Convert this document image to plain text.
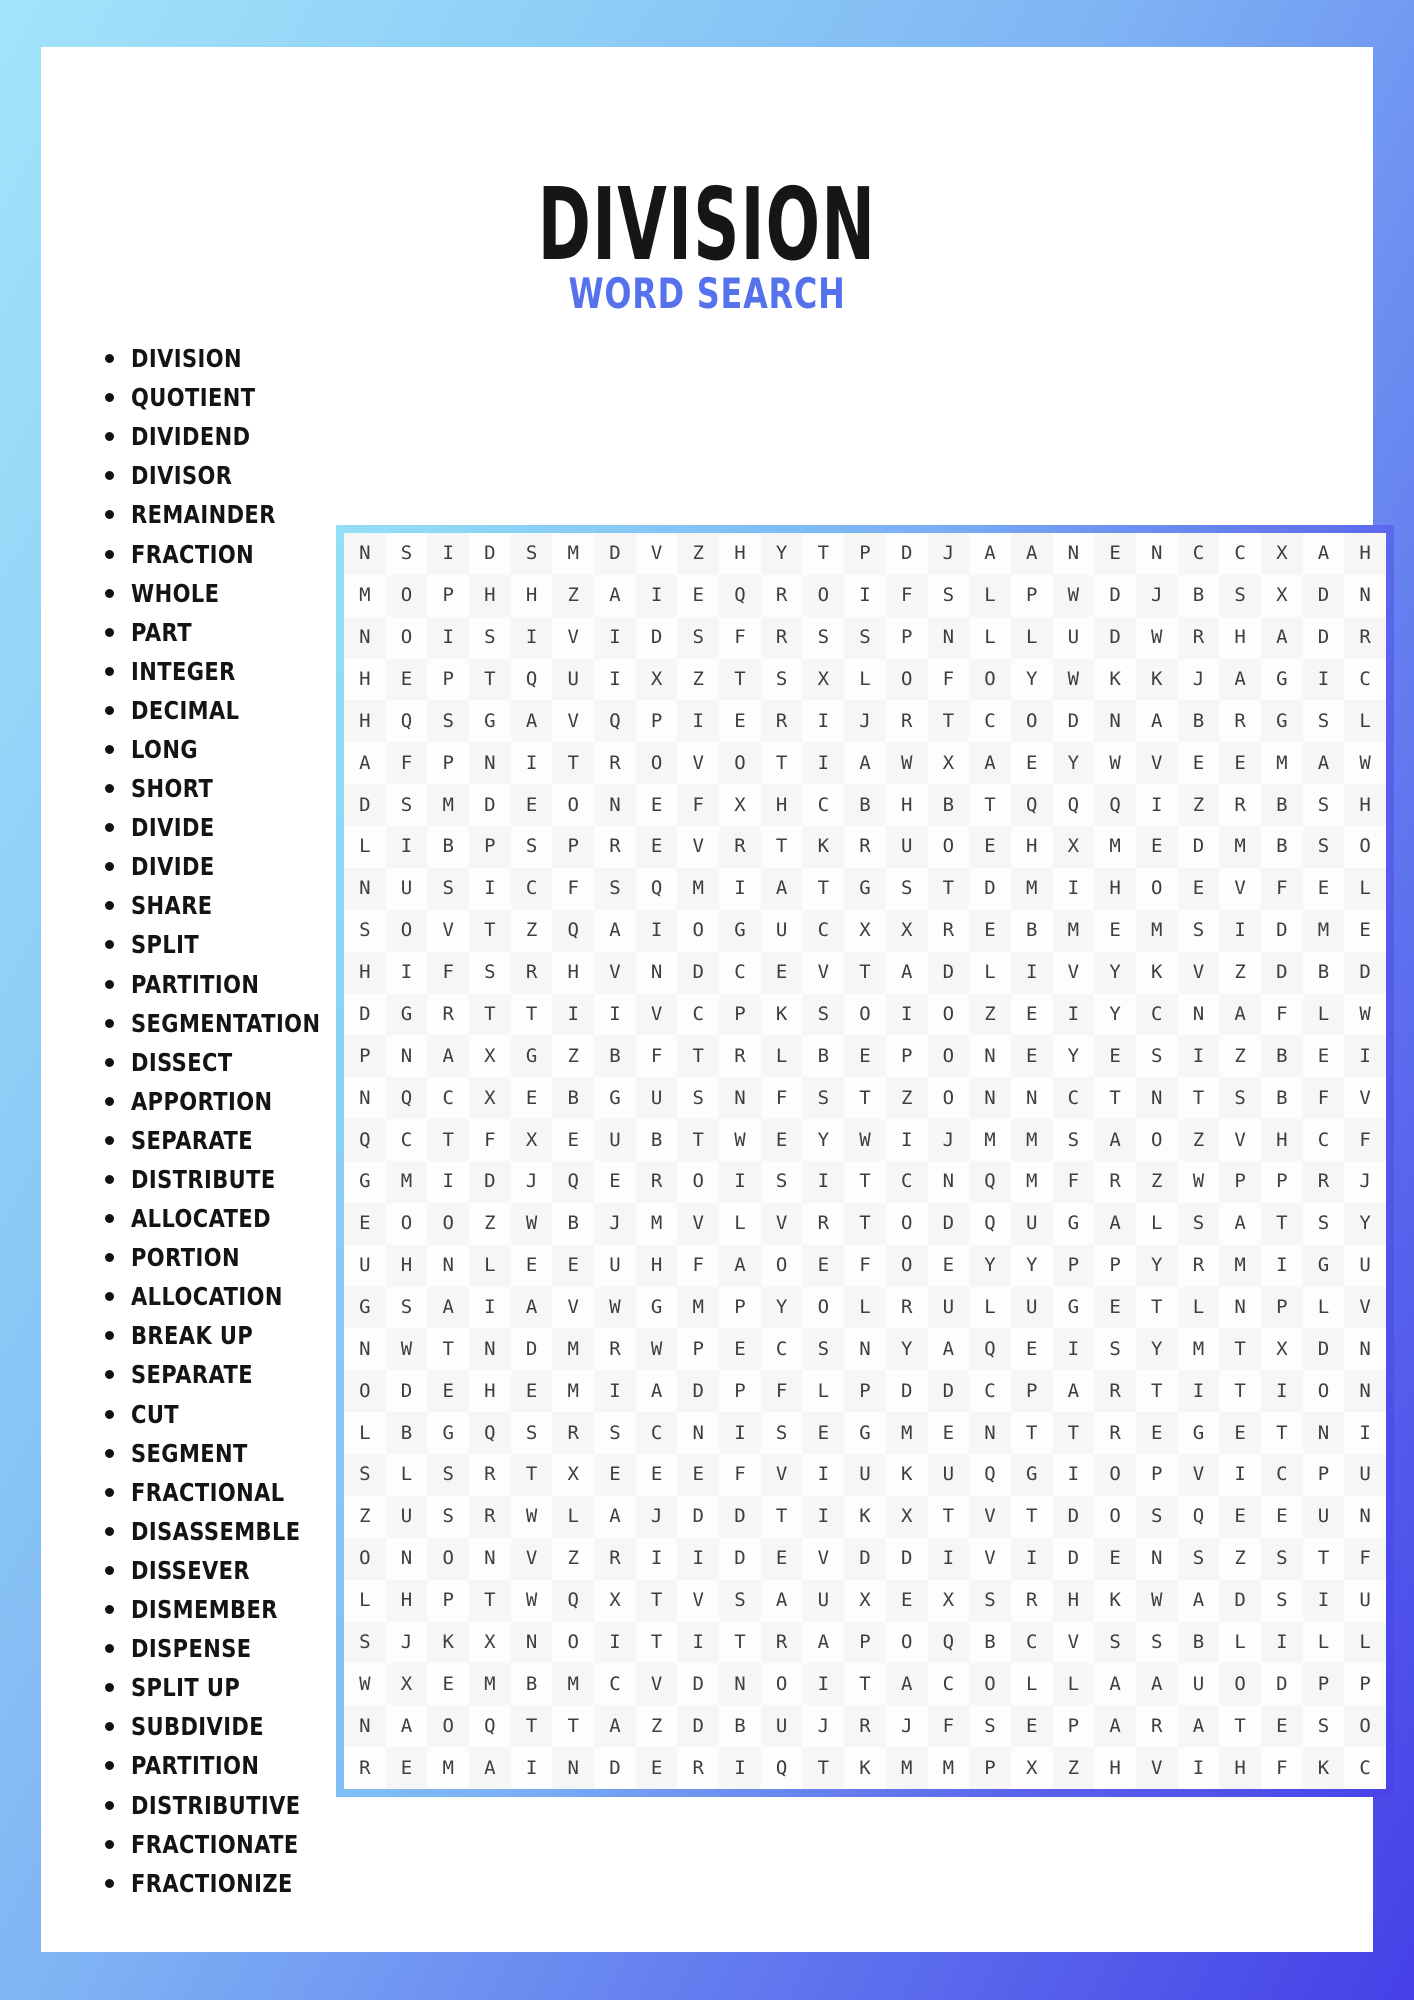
DIVISION
WORD SEARCH
DIVISION
QUOTIENT
DIVIDEND
DIVISOR
REMAINDER
FRACTION
WHOLE
PART
INTEGER
DECIMAL
LONG
SHORT
DIVIDE
DIVIDE
SHARE
SPLIT
PARTITION
SEGMENTATION
DISSECT
APPORTION
SEPARATE
DISTRIBUTE
ALLOCATED
PORTION
ALLOCATION
BREAK UP
SEPARATE
CUT
SEGMENT
FRACTIONAL
DISASSEMBLE
DISSEVER
DISMEMBER
DISPENSE
SPLIT UP
SUBDIVIDE
PARTITION
DISTRIBUTIVE
FRACTIONATE
FRACTIONIZE
N	S	I	D	S	M	D	V	Z	H	Y	T	P	D	J	A	A	N	E	N	C	C	X	A	H
M	O	P	H	H	Z	A	I	E	Q	R	O	I	F	S	L	P	W	D	J	B	S	X	D	N
N	O	I	S	I	V	I	D	S	F	R	S	S	P	N	L	L	U	D	W	R	H	A	D	R
H	E	P	T	Q	U	I	X	Z	T	S	X	L	O	F	O	Y	W	K	K	J	A	G	I	C
H	Q	S	G	A	V	Q	P	I	E	R	I	J	R	T	C	O	D	N	A	B	R	G	S	L
A	F	P	N	I	T	R	O	V	O	T	I	A	W	X	A	E	Y	W	V	E	E	M	A	W
D	S	M	D	E	O	N	E	F	X	H	C	B	H	B	T	Q	Q	Q	I	Z	R	B	S	H
L	I	B	P	S	P	R	E	V	R	T	K	R	U	O	E	H	X	M	E	D	M	B	S	O
N	U	S	I	C	F	S	Q	M	I	A	T	G	S	T	D	M	I	H	O	E	V	F	E	L
S	O	V	T	Z	Q	A	I	O	G	U	C	X	X	R	E	B	M	E	M	S	I	D	M	E
H	I	F	S	R	H	V	N	D	C	E	V	T	A	D	L	I	V	Y	K	V	Z	D	B	D
D	G	R	T	T	I	I	V	C	P	K	S	O	I	O	Z	E	I	Y	C	N	A	F	L	W
P	N	A	X	G	Z	B	F	T	R	L	B	E	P	O	N	E	Y	E	S	I	Z	B	E	I
N	Q	C	X	E	B	G	U	S	N	F	S	T	Z	O	N	N	C	T	N	T	S	B	F	V
Q	C	T	F	X	E	U	B	T	W	E	Y	W	I	J	M	M	S	A	O	Z	V	H	C	F
G	M	I	D	J	Q	E	R	O	I	S	I	T	C	N	Q	M	F	R	Z	W	P	P	R	J
E	O	O	Z	W	B	J	M	V	L	V	R	T	O	D	Q	U	G	A	L	S	A	T	S	Y
U	H	N	L	E	E	U	H	F	A	O	E	F	O	E	Y	Y	P	P	Y	R	M	I	G	U
G	S	A	I	A	V	W	G	M	P	Y	O	L	R	U	L	U	G	E	T	L	N	P	L	V
N	W	T	N	D	M	R	W	P	E	C	S	N	Y	A	Q	E	I	S	Y	M	T	X	D	N
O	D	E	H	E	M	I	A	D	P	F	L	P	D	D	C	P	A	R	T	I	T	I	O	N
L	B	G	Q	S	R	S	C	N	I	S	E	G	M	E	N	T	T	R	E	G	E	T	N	I
S	L	S	R	T	X	E	E	E	F	V	I	U	K	U	Q	G	I	O	P	V	I	C	P	U
Z	U	S	R	W	L	A	J	D	D	T	I	K	X	T	V	T	D	O	S	Q	E	E	U	N
O	N	O	N	V	Z	R	I	I	D	E	V	D	D	I	V	I	D	E	N	S	Z	S	T	F
L	H	P	T	W	Q	X	T	V	S	A	U	X	E	X	S	R	H	K	W	A	D	S	I	U
S	J	K	X	N	O	I	T	I	T	R	A	P	O	Q	B	C	V	S	S	B	L	I	L	L
W	X	E	M	B	M	C	V	D	N	O	I	T	A	C	O	L	L	A	A	U	O	D	P	P
N	A	O	Q	T	T	A	Z	D	B	U	J	R	J	F	S	E	P	A	R	A	T	E	S	O
R	E	M	A	I	N	D	E	R	I	Q	T	K	M	M	P	X	Z	H	V	I	H	F	K	C
